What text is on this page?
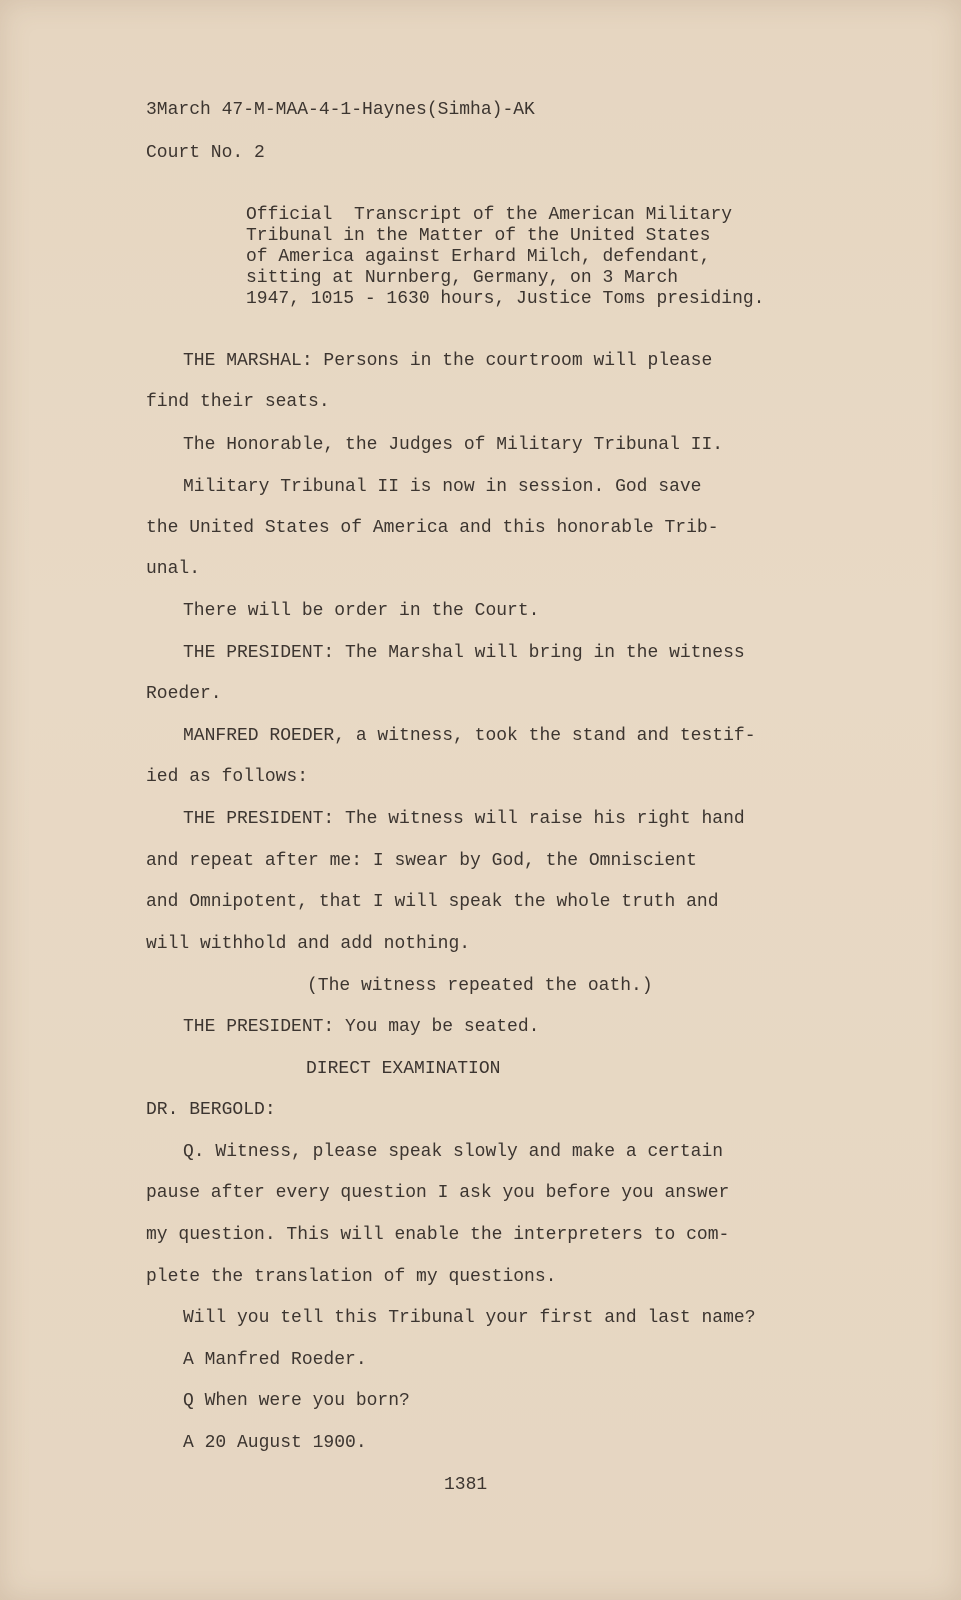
3March 47-M-MAA-4-1-Haynes(Simha)-AK
Court No. 2
Official  Transcript of the American Military
Tribunal in the Matter of the United States
of America against Erhard Milch, defendant,
sitting at Nurnberg, Germany, on 3 March
1947, 1015 - 1630 hours, Justice Toms presiding.
THE MARSHAL: Persons in the courtroom will please
find their seats.
The Honorable, the Judges of Military Tribunal II.
Military Tribunal II is now in session. God save
the United States of America and this honorable Trib-
unal.
There will be order in the Court.
THE PRESIDENT: The Marshal will bring in the witness
Roeder.
MANFRED ROEDER, a witness, took the stand and testif-
ied as follows:
THE PRESIDENT: The witness will raise his right hand
and repeat after me: I swear by God, the Omniscient
and Omnipotent, that I will speak the whole truth and
will withhold and add nothing.
(The witness repeated the oath.)
THE PRESIDENT: You may be seated.
DIRECT EXAMINATION
DR. BERGOLD:
Q. Witness, please speak slowly and make a certain
pause after every question I ask you before you answer
my question. This will enable the interpreters to com-
plete the translation of my questions.
Will you tell this Tribunal your first and last name?
A Manfred Roeder.
Q When were you born?
A 20 August 1900.
1381
